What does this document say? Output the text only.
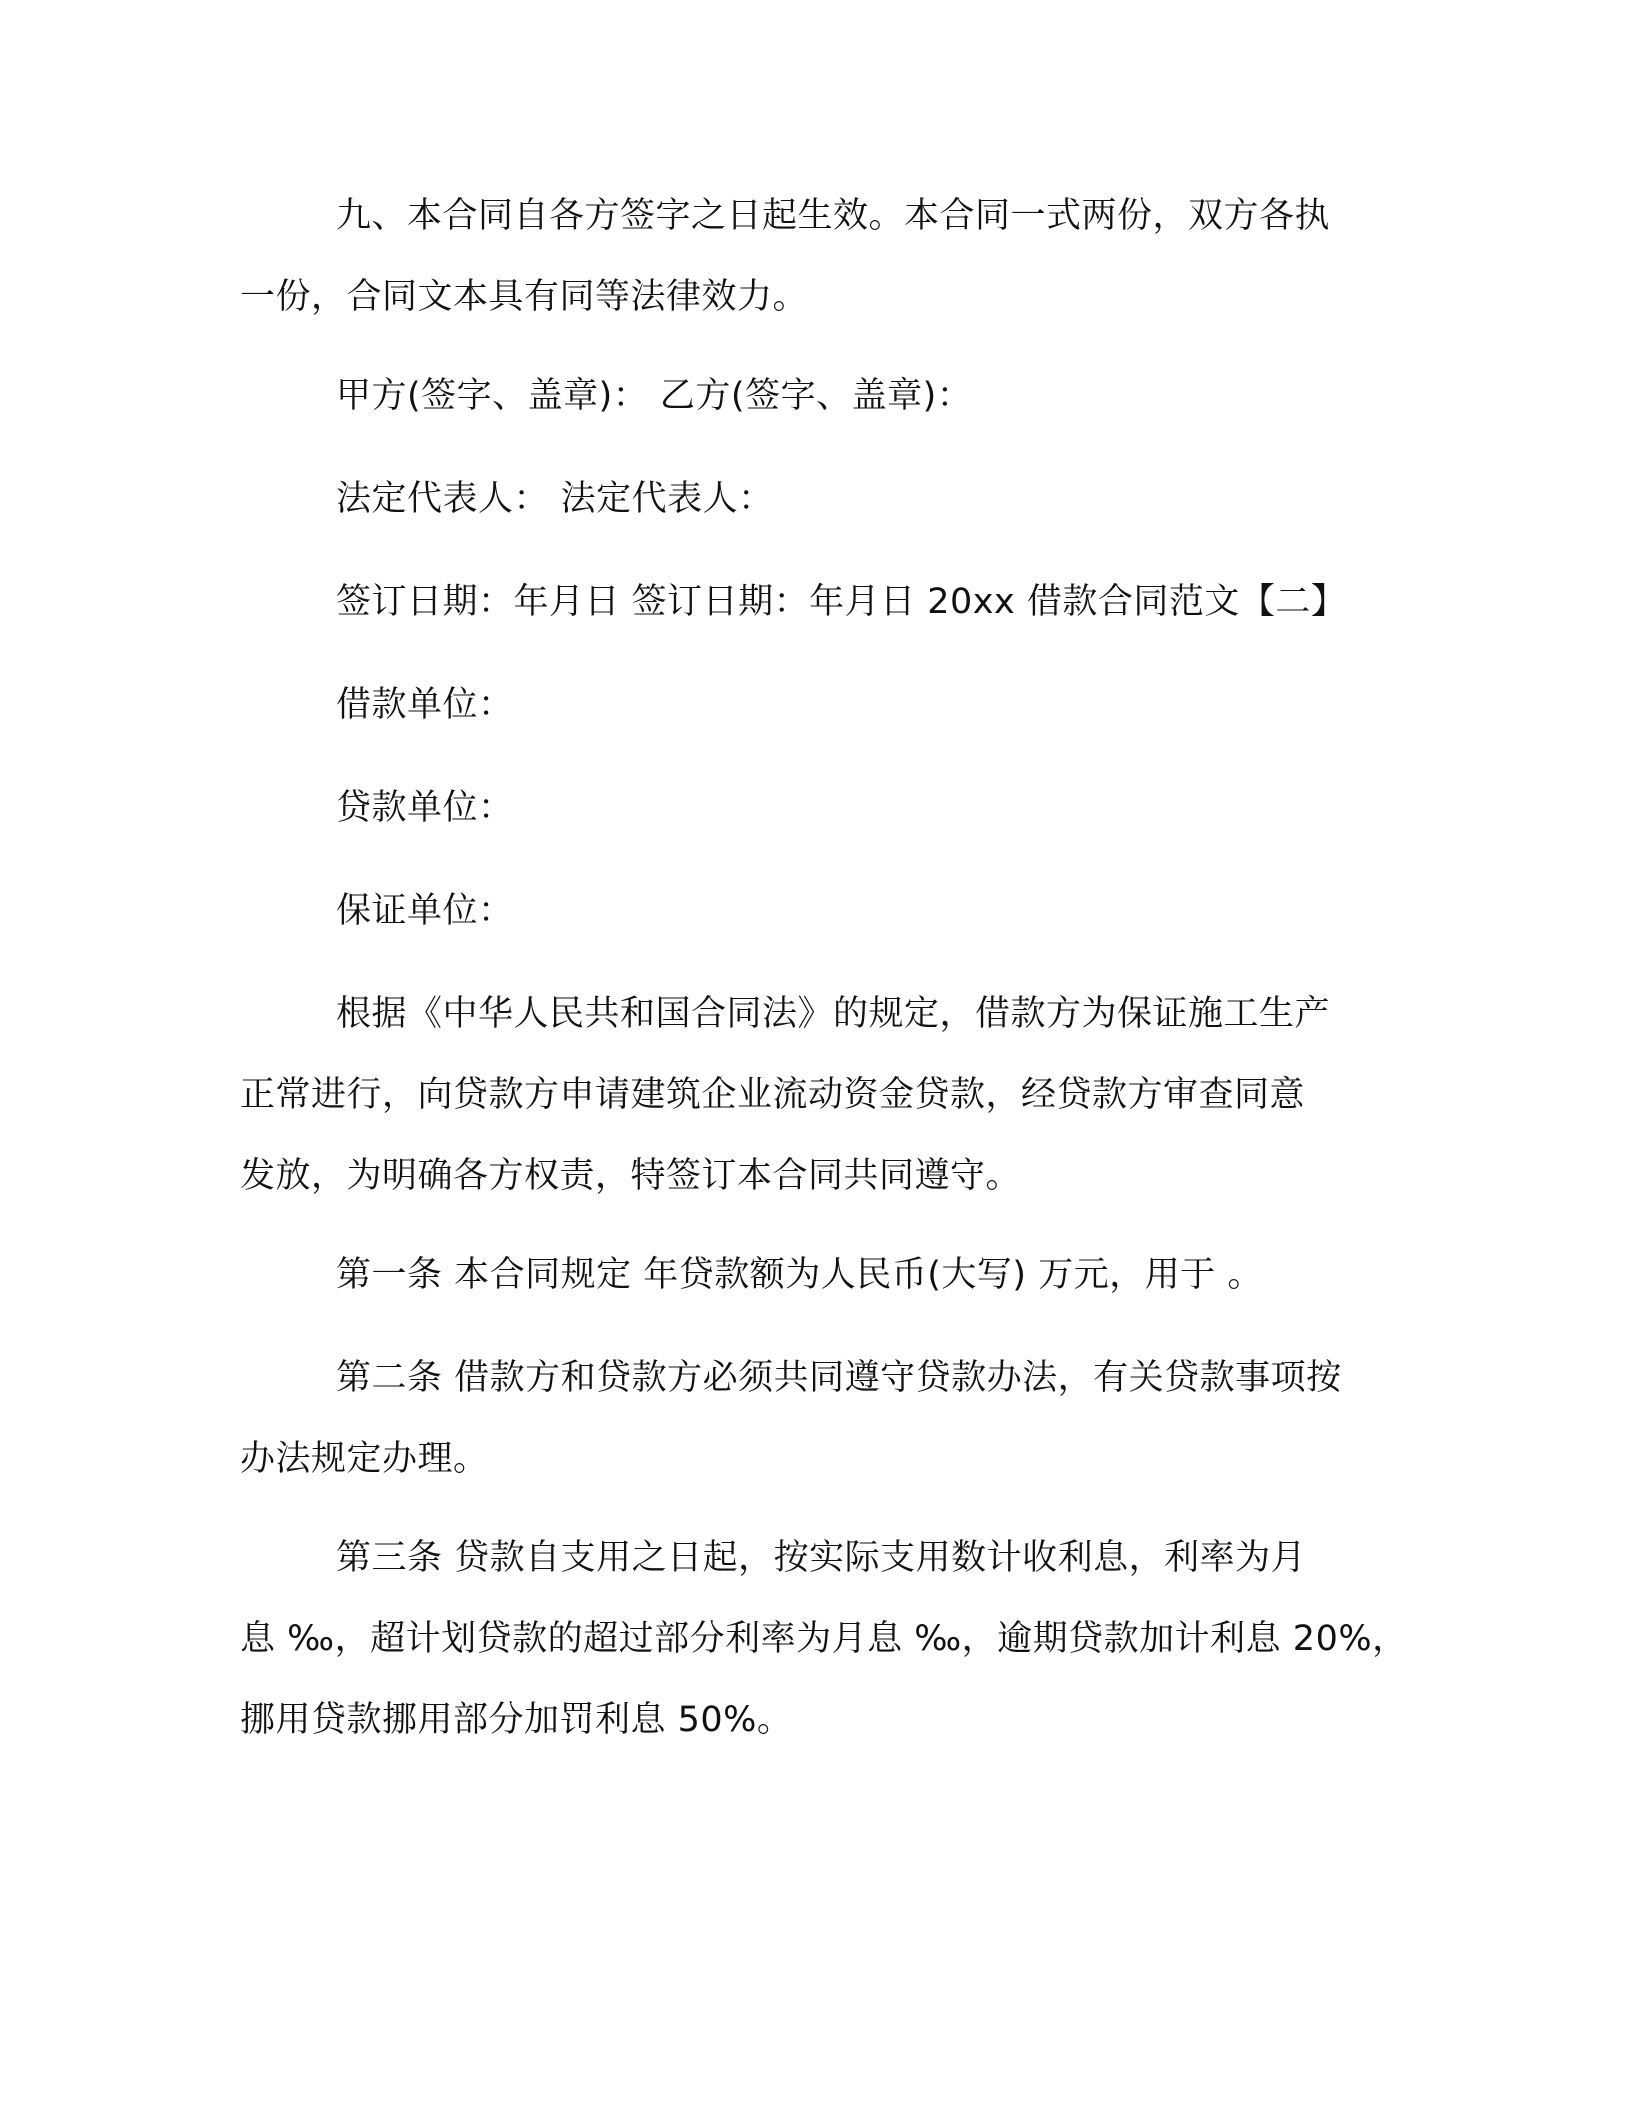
九、本合同自各方签字之日起生效。本合同一式两份，双方各执
一份，合同文本具有同等法律效力。

甲方(签字、盖章)： 乙方(签字、盖章)：

法定代表人： 法定代表人：

签订日期：年月日 签订日期：年月日 20xx 借款合同范文【二】

借款单位：

贷款单位：

保证单位：

根据《中华人民共和国合同法》的规定，借款方为保证施工生产
正常进行，向贷款方申请建筑企业流动资金贷款，经贷款方审查同意
发放，为明确各方权责，特签订本合同共同遵守。

第一条 本合同规定 年贷款额为人民币(大写) 万元，用于 。

第二条 借款方和贷款方必须共同遵守贷款办法，有关贷款事项按
办法规定办理。

第三条 贷款自支用之日起，按实际支用数计收利息，利率为月
息 ‰，超计划贷款的超过部分利率为月息 ‰，逾期贷款加计利息 20%，
挪用贷款挪用部分加罚利息 50%。
